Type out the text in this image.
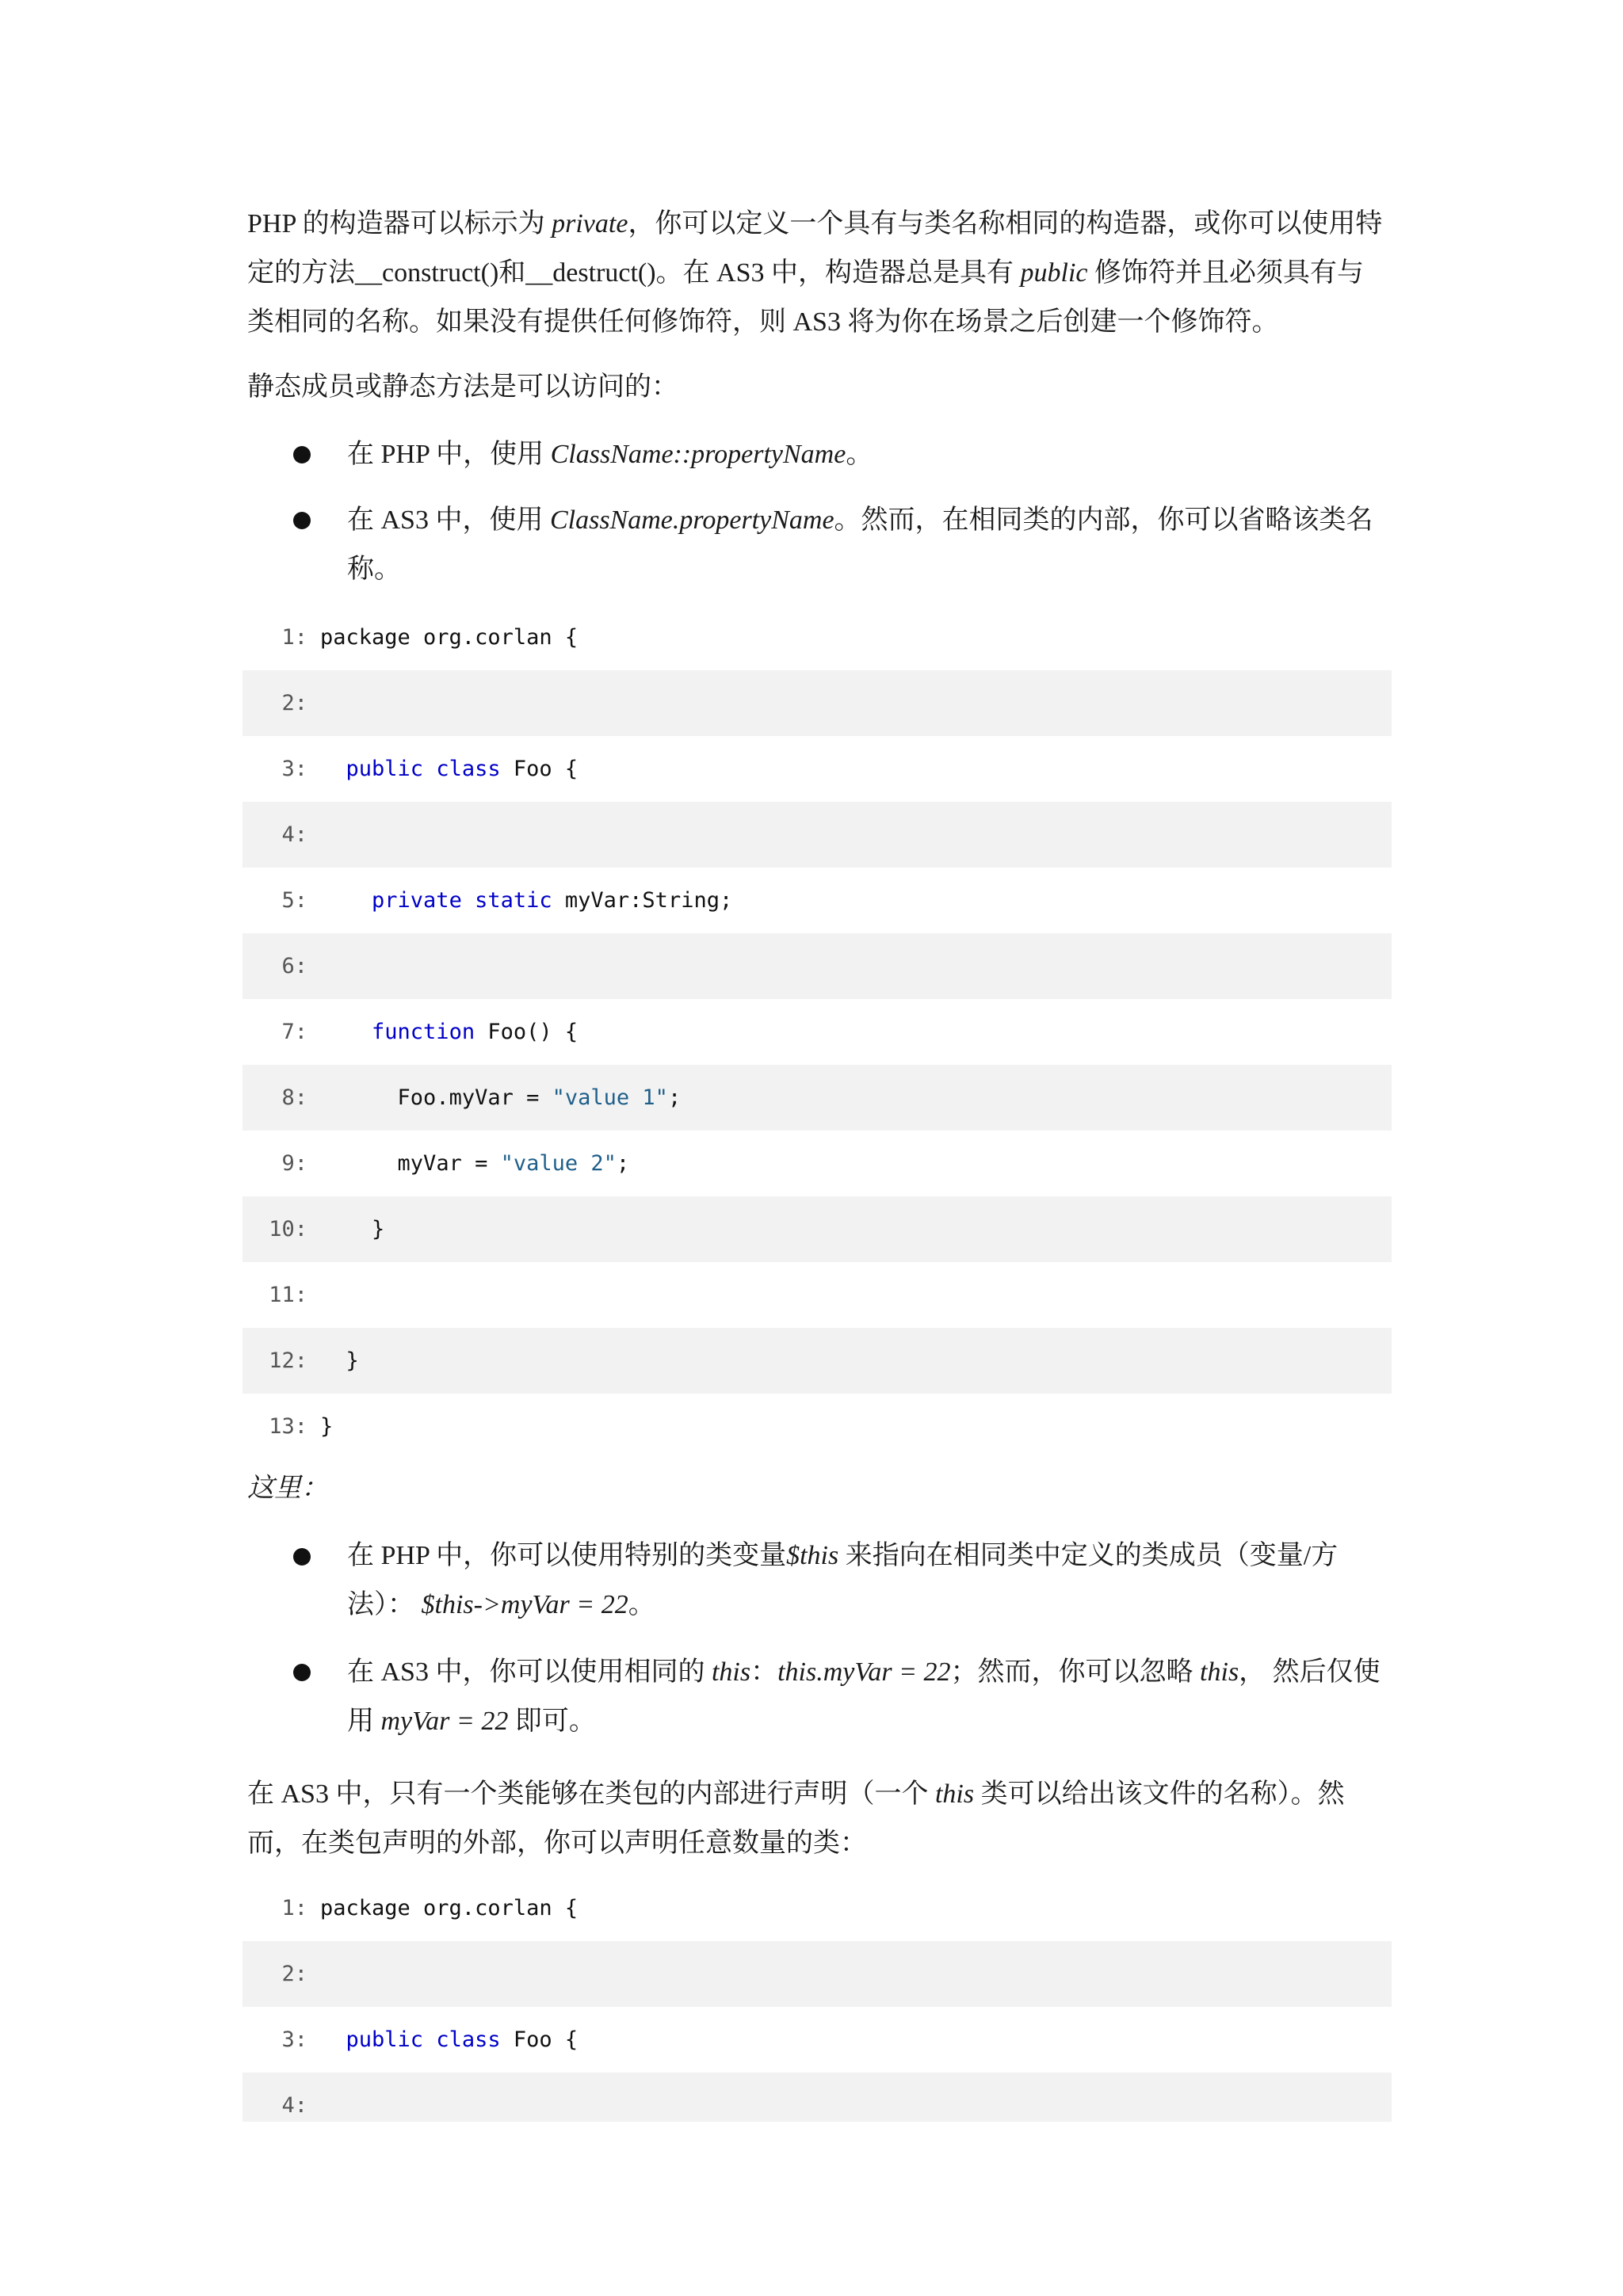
PHP 的构造器可以标示为 private，你可以定义一个具有与类名称相同的构造器，或你可以使用特定的方法__construct()和__destruct()。在 AS3 中，构造器总是具有 public 修饰符并且必须具有与类相同的名称。如果没有提供任何修饰符，则 AS3 将为你在场景之后创建一个修饰符。

静态成员或静态方法是可以访问的：

在 PHP 中，使用 ClassName::propertyName。

在 AS3 中，使用 ClassName.propertyName。然而，在相同类的内部，你可以省略该类名称。

1: package org.corlan {
2:
3:	public class Foo {
4:
5:	private static myVar:String;
6:
7:	function Foo() {
8:	Foo.myVar = "value 1";
9:	myVar = "value 2";
10:	}
11:
12:	}
13: }

这里：

在 PHP 中，你可以使用特别的类变量$this 来指向在相同类中定义的类成员（变量/方法）： $this->myVar = 22。

在 AS3 中，你可以使用相同的 this：this.myVar = 22；然而，你可以忽略 this， 然后仅使用 myVar = 22 即可。

在 AS3 中，只有一个类能够在类包的内部进行声明（一个 this 类可以给出该文件的名称）。然而，在类包声明的外部，你可以声明任意数量的类：

1: package org.corlan {
2:
3:	public class Foo {
4:
